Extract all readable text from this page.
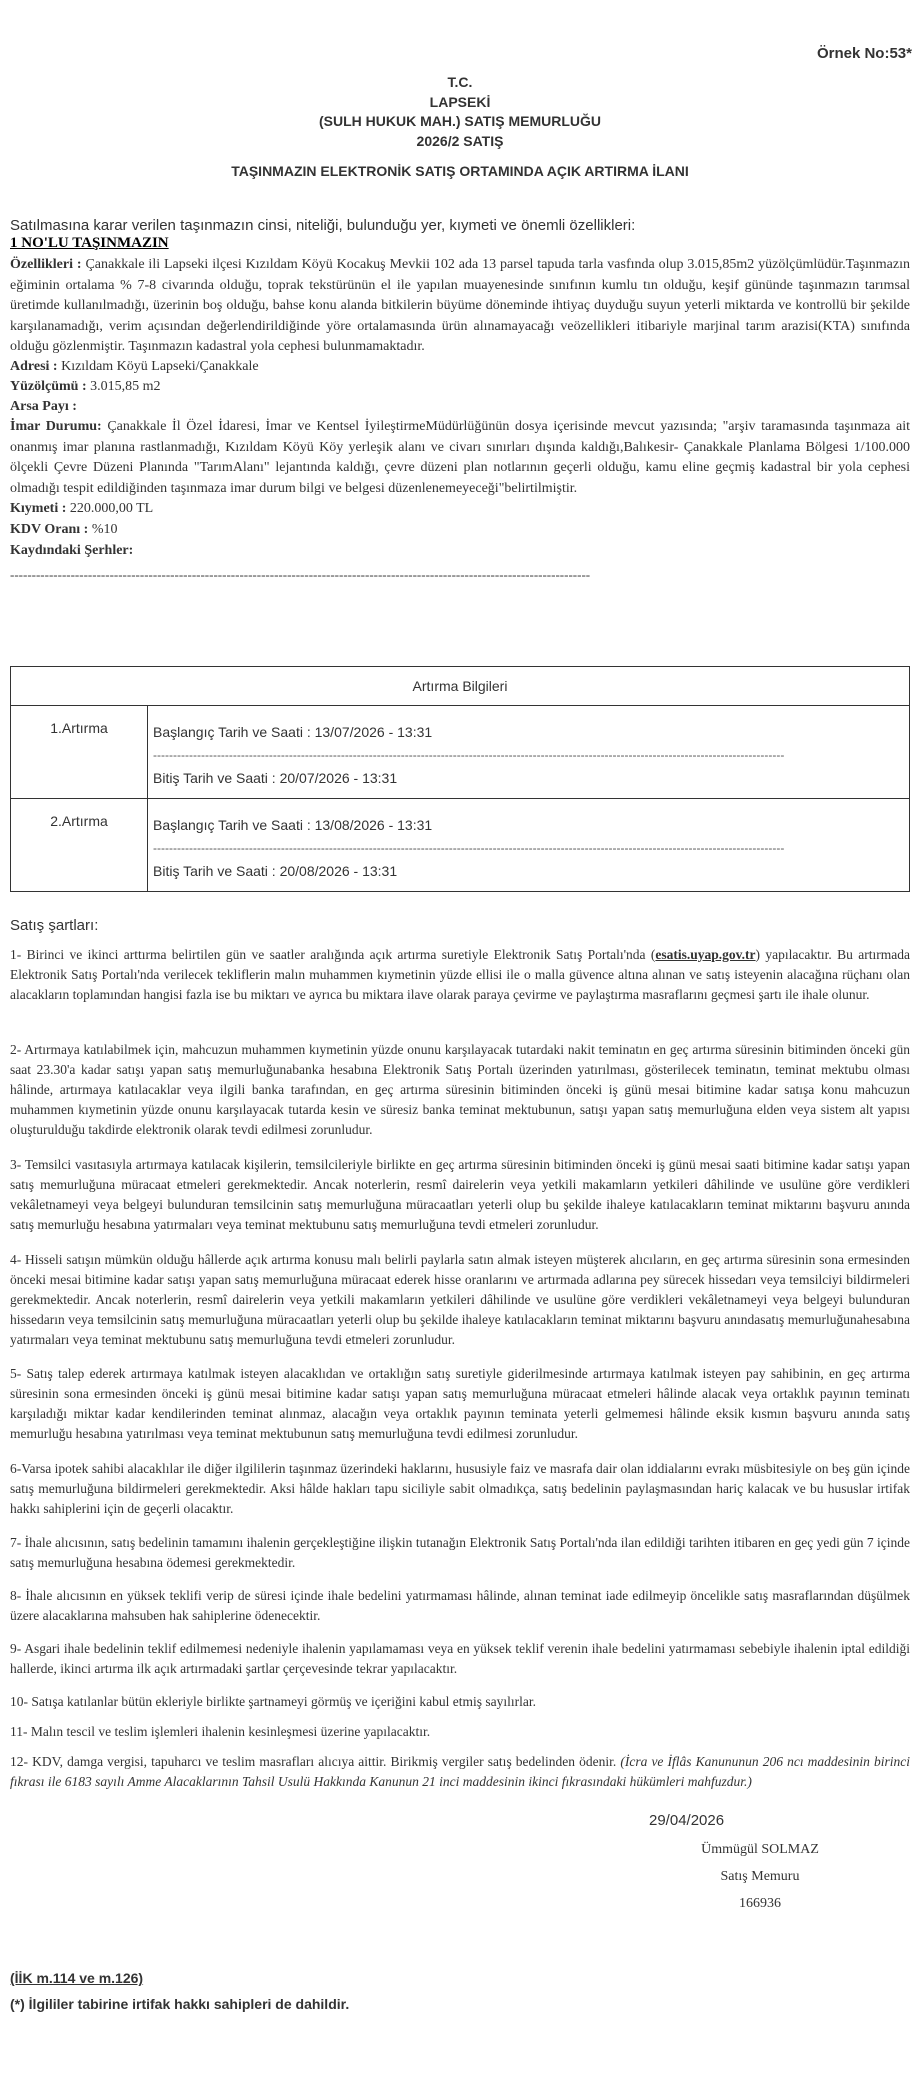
Örnek No:53*
T.C.
LAPSEKİ
(SULH HUKUK MAH.) SATIŞ MEMURLUĞU
2026/2 SATIŞ
TAŞINMAZIN ELEKTRONİK SATIŞ ORTAMINDA AÇIK ARTIRMA İLANI
Satılmasına karar verilen taşınmazın cinsi, niteliği, bulunduğu yer, kıymeti ve önemli özellikleri:
1 NO'LU TAŞINMAZIN
Özellikleri : Çanakkale ili Lapseki ilçesi Kızıldam Köyü Kocakuş Mevkii 102 ada 13 parsel tapuda tarla vasfında olup 3.015,85m2 yüzölçümlüdür.Taşınmazın eğiminin ortalama % 7-8 civarında olduğu, toprak tekstürünün el ile yapılan muayenesinde sınıfının kumlu tın olduğu, keşif gününde taşınmazın tarımsal üretimde kullanılmadığı, üzerinin boş olduğu, bahse konu alanda bitkilerin büyüme döneminde ihtiyaç duyduğu suyun yeterli miktarda ve kontrollü bir şekilde karşılanamadığı, verim açısından değerlendirildiğinde yöre ortalamasında ürün alınamayacağı veözellikleri itibariyle marjinal tarım arazisi(KTA) sınıfında olduğu gözlenmiştir. Taşınmazın kadastral yola cephesi bulunmamaktadır.
Adresi : Kızıldam Köyü Lapseki/Çanakkale
Yüzölçümü : 3.015,85 m2
Arsa Payı :
İmar Durumu: Çanakkale İl Özel İdaresi, İmar ve Kentsel İyileştirmeMüdürlüğünün dosya içerisinde mevcut yazısında; "arşiv taramasında taşınmaza ait onanmış imar planına rastlanmadığı, Kızıldam Köyü Köy yerleşik alanı ve civarı sınırları dışında kaldığı,Balıkesir- Çanakkale Planlama Bölgesi 1/100.000 ölçekli Çevre Düzeni Planında "TarımAlanı" lejantında kaldığı, çevre düzeni plan notlarının geçerli olduğu, kamu eline geçmiş kadastral bir yola cephesi olmadığı tespit edildiğinden taşınmaza imar durum bilgi ve belgesi düzenlenemeyeceği"belirtilmiştir.
Kıymeti : 220.000,00 TL
KDV Oranı : %10
Kaydındaki Şerhler:
--------------------------------------------------------------------------------------------------------------------------------------
Artırma Bilgileri	
1.Artırma	Başlangıç Tarih ve Saati : 13/07/2026 - 13:31
--------------------------------------------------------------------------------------------------------------------------------------------------------------
Bitiş Tarih ve Saati : 20/07/2026 - 13:31

2.Artırma	Başlangıç Tarih ve Saati : 13/08/2026 - 13:31
--------------------------------------------------------------------------------------------------------------------------------------------------------------
Bitiş Tarih ve Saati : 20/08/2026 - 13:31
Satış şartları:
1- Birinci ve ikinci arttırma belirtilen gün ve saatler aralığında açık artırma suretiyle Elektronik Satış Portalı'nda (esatis.uyap.gov.tr) yapılacaktır. Bu artırmada Elektronik Satış Portalı'nda verilecek tekliflerin malın muhammen kıymetinin yüzde ellisi ile o malla güvence altına alınan ve satış isteyenin alacağına rüçhanı olan alacakların toplamından hangisi fazla ise bu miktarı ve ayrıca bu miktara ilave olarak paraya çevirme ve paylaştırma masraflarını geçmesi şartı ile ihale olunur.
2- Artırmaya katılabilmek için, mahcuzun muhammen kıymetinin yüzde onunu karşılayacak tutardaki nakit teminatın en geç artırma süresinin bitiminden önceki gün saat 23.30'a kadar satışı yapan satış memurluğunabanka hesabına Elektronik Satış Portalı üzerinden yatırılması, gösterilecek teminatın, teminat mektubu olması hâlinde, artırmaya katılacaklar veya ilgili banka tarafından, en geç artırma süresinin bitiminden önceki iş günü mesai bitimine kadar satışa konu mahcuzun muhammen kıymetinin yüzde onunu karşılayacak tutarda kesin ve süresiz banka teminat mektubunun, satışı yapan satış memurluğuna elden veya sistem alt yapısı oluşturulduğu takdirde elektronik olarak tevdi edilmesi zorunludur.
3- Temsilci vasıtasıyla artırmaya katılacak kişilerin, temsilcileriyle birlikte en geç artırma süresinin bitiminden önceki iş günü mesai saati bitimine kadar satışı yapan satış memurluğuna müracaat etmeleri gerekmektedir. Ancak noterlerin, resmî dairelerin veya yetkili makamların yetkileri dâhilinde ve usulüne göre verdikleri vekâletnameyi veya belgeyi bulunduran temsilcinin satış memurluğuna müracaatları yeterli olup bu şekilde ihaleye katılacakların teminat miktarını başvuru anında satış memurluğu hesabına yatırmaları veya teminat mektubunu satış memurluğuna tevdi etmeleri zorunludur.
4- Hisseli satışın mümkün olduğu hâllerde açık artırma konusu malı belirli paylarla satın almak isteyen müşterek alıcıların, en geç artırma süresinin sona ermesinden önceki mesai bitimine kadar satışı yapan satış memurluğuna müracaat ederek hisse oranlarını ve artırmada adlarına pey sürecek hissedarı veya temsilciyi bildirmeleri gerekmektedir. Ancak noterlerin, resmî dairelerin veya yetkili makamların yetkileri dâhilinde ve usulüne göre verdikleri vekâletnameyi veya belgeyi bulunduran hissedarın veya temsilcinin satış memurluğuna müracaatları yeterli olup bu şekilde ihaleye katılacakların teminat miktarını başvuru anındasatış memurluğunahesabına yatırmaları veya teminat mektubunu satış memurluğuna tevdi etmeleri zorunludur.
5- Satış talep ederek artırmaya katılmak isteyen alacaklıdan ve ortaklığın satış suretiyle giderilmesinde artırmaya katılmak isteyen pay sahibinin, en geç artırma süresinin sona ermesinden önceki iş günü mesai bitimine kadar satışı yapan satış memurluğuna müracaat etmeleri hâlinde alacak veya ortaklık payının teminatı karşıladığı miktar kadar kendilerinden teminat alınmaz, alacağın veya ortaklık payının teminata yeterli gelmemesi hâlinde eksik kısmın başvuru anında satış memurluğu hesabına yatırılması veya teminat mektubunun satış memurluğuna tevdi edilmesi zorunludur.
6-Varsa ipotek sahibi alacaklılar ile diğer ilgililerin taşınmaz üzerindeki haklarını, hususiyle faiz ve masrafa dair olan iddialarını evrakı müsbitesiyle on beş gün içinde satış memurluğuna bildirmeleri gerekmektedir. Aksi hâlde hakları tapu siciliyle sabit olmadıkça, satış bedelinin paylaşmasından hariç kalacak ve bu hususlar irtifak hakkı sahiplerini için de geçerli olacaktır.
7- İhale alıcısının, satış bedelinin tamamını ihalenin gerçekleştiğine ilişkin tutanağın Elektronik Satış Portalı'nda ilan edildiği tarihten itibaren en geç yedi gün 7 içinde satış memurluğuna hesabına ödemesi gerekmektedir.
8- İhale alıcısının en yüksek teklifi verip de süresi içinde ihale bedelini yatırmaması hâlinde, alınan teminat iade edilmeyip öncelikle satış masraflarından düşülmek üzere alacaklarına mahsuben hak sahiplerine ödenecektir.
9- Asgari ihale bedelinin teklif edilmemesi nedeniyle ihalenin yapılamaması veya en yüksek teklif verenin ihale bedelini yatırmaması sebebiyle ihalenin iptal edildiği hallerde, ikinci artırma ilk açık artırmadaki şartlar çerçevesinde tekrar yapılacaktır.
10- Satışa katılanlar bütün ekleriyle birlikte şartnameyi görmüş ve içeriğini kabul etmiş sayılırlar.
11- Malın tescil ve teslim işlemleri ihalenin kesinleşmesi üzerine yapılacaktır.
12- KDV, damga vergisi, tapuharcı ve teslim masrafları alıcıya aittir. Birikmiş vergiler satış bedelinden ödenir. (İcra ve İflâs Kanununun 206 ncı maddesinin birinci fıkrası ile 6183 sayılı Amme Alacaklarının Tahsil Usulü Hakkında Kanunun 21 inci maddesinin ikinci fıkrasındaki hükümleri mahfuzdur.)
29/04/2026
Ümmügül SOLMAZ
Satış Memuru
166936
(İİK m.114 ve m.126)
(*) İlgililer tabirine irtifak hakkı sahipleri de dahildir.
